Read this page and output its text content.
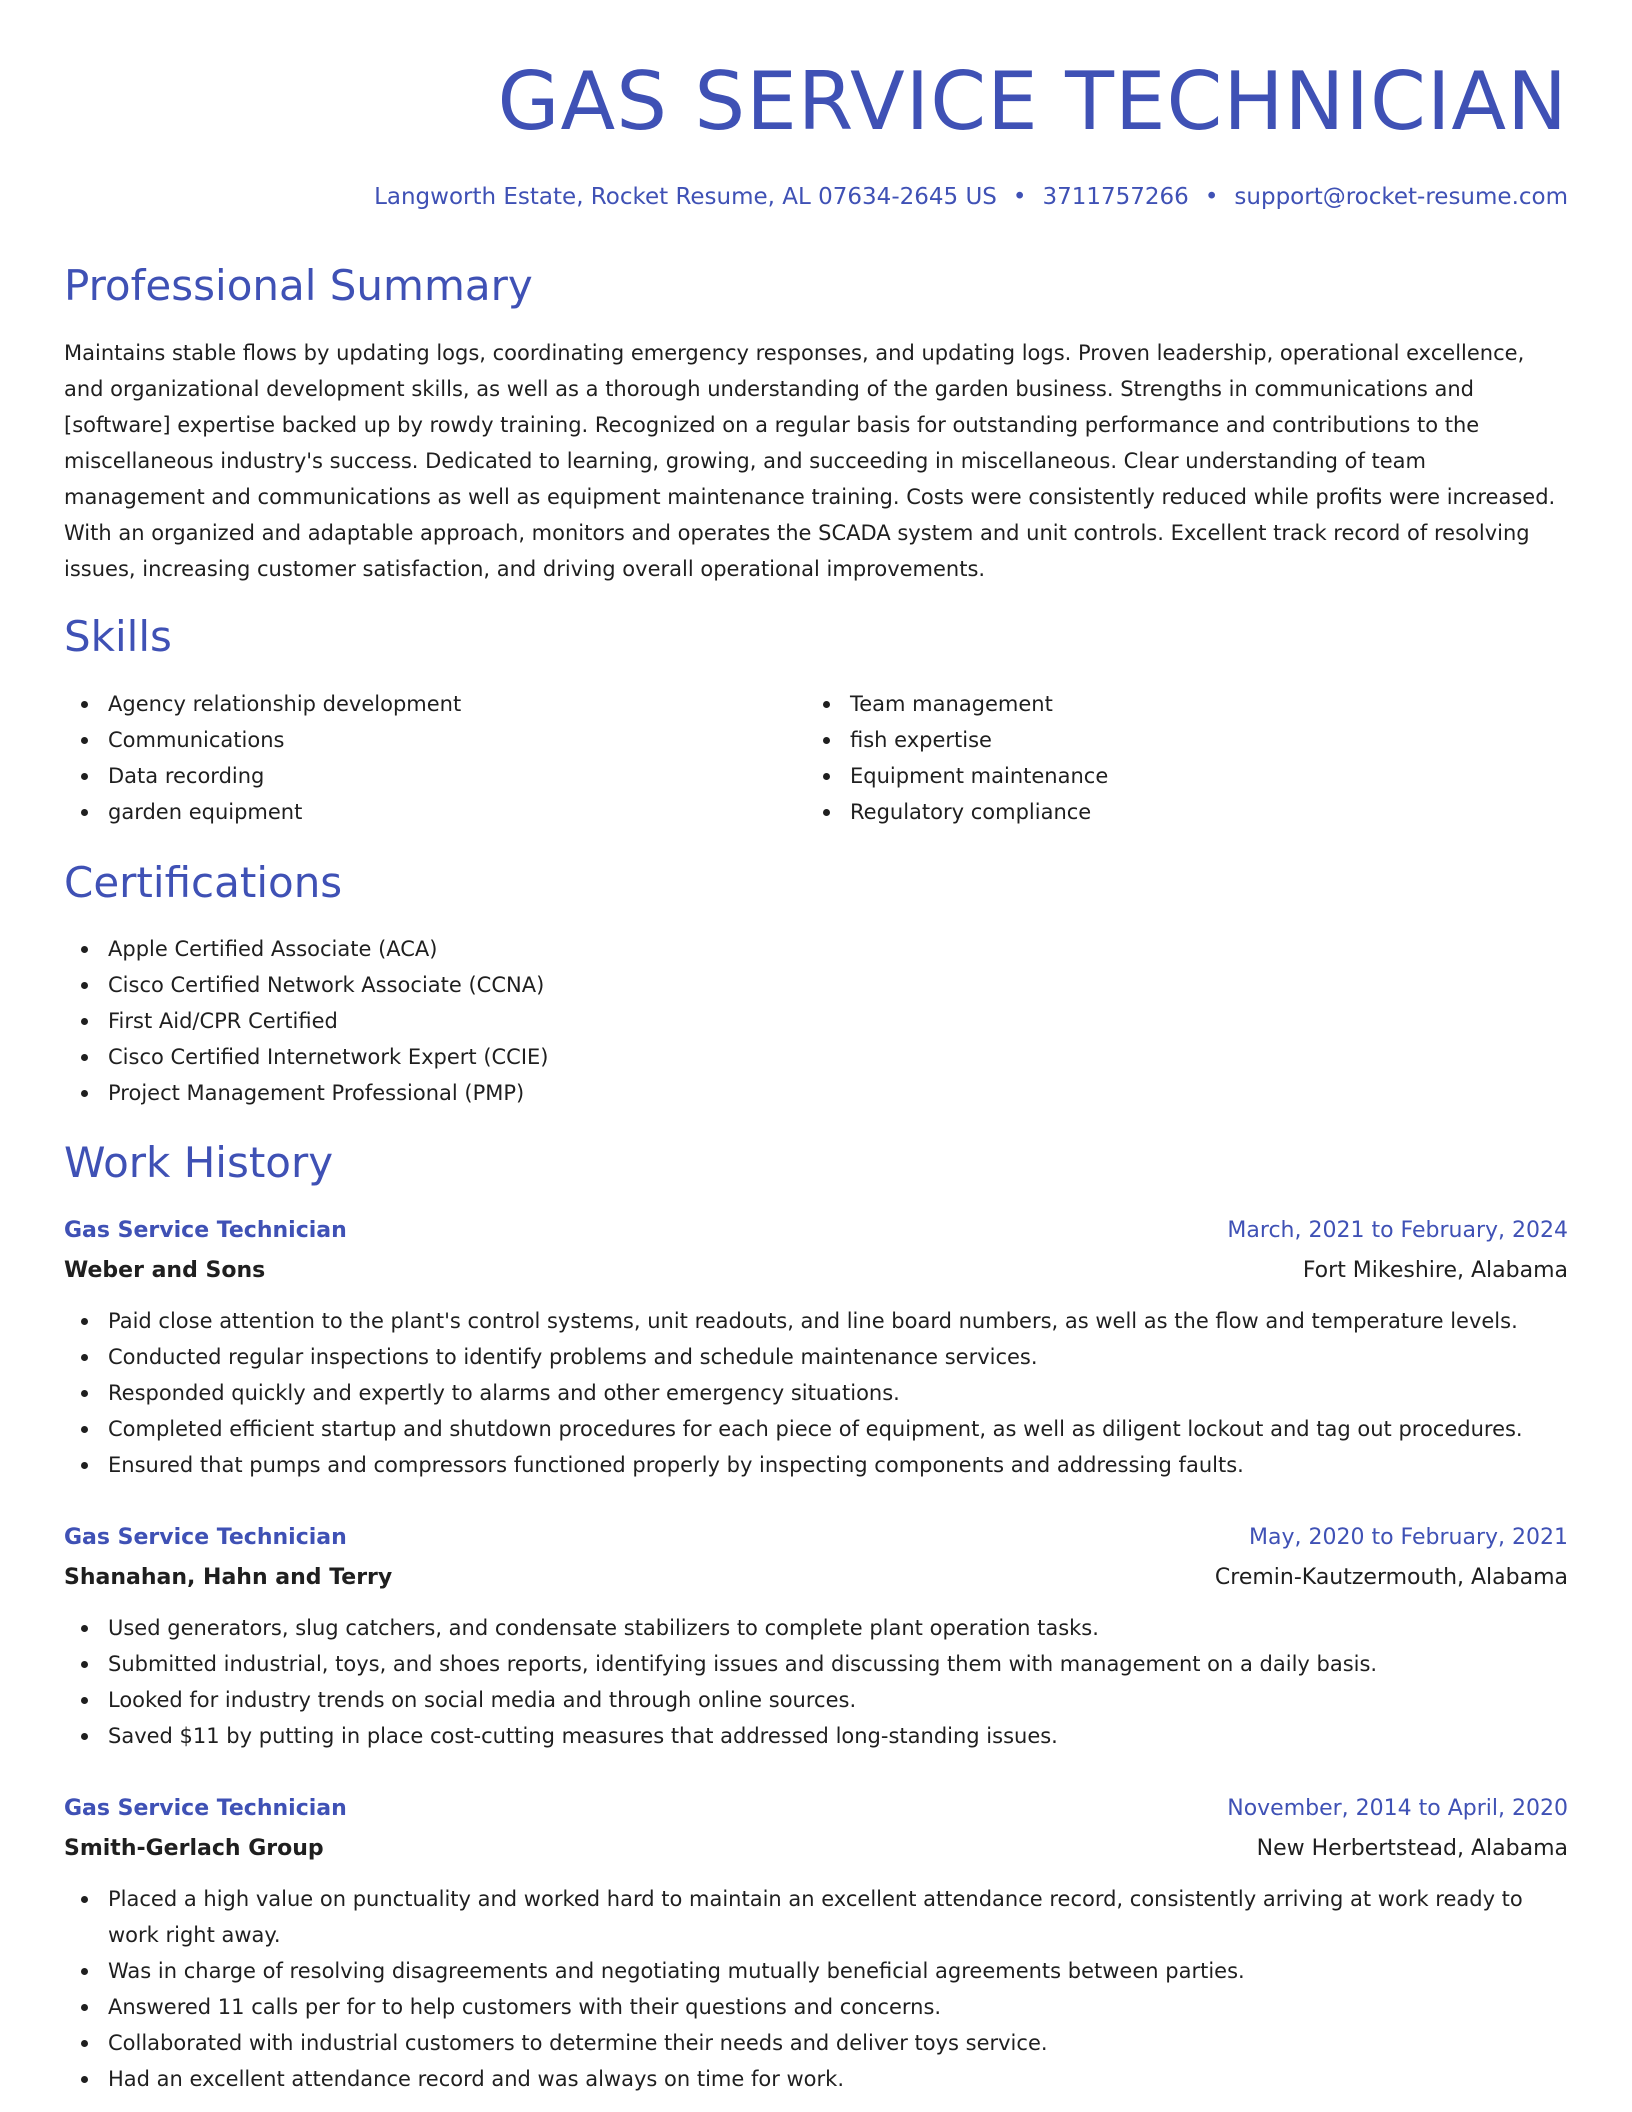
GAS SERVICE TECHNICIAN
Langworth Estate, Rocket Resume, AL 07634-2645 US • 3711757266 • support@rocket-resume.com
Professional Summary

Maintains stable flows by updating logs, coordinating emergency responses, and updating logs. Proven leadership, operational excellence, and organizational development skills, as well as a thorough understanding of the garden business. Strengths in communications and [software] expertise backed up by rowdy training. Recognized on a regular basis for outstanding performance and contributions to the miscellaneous industry's success. Dedicated to learning, growing, and succeeding in miscellaneous. Clear understanding of team management and communications as well as equipment maintenance training. Costs were consistently reduced while profits were increased. With an organized and adaptable approach, monitors and operates the SCADA system and unit controls. Excellent track record of resolving issues, increasing customer satisfaction, and driving overall operational improvements.

Skills
Agency relationship development
Communications
Data recording
garden equipment
Team management
fish expertise
Equipment maintenance
Regulatory compliance
Certifications
Apple Certified Associate (ACA)
Cisco Certified Network Associate (CCNA)
First Aid/CPR Certified
Cisco Certified Internetwork Expert (CCIE)
Project Management Professional (PMP)
Work History
Gas Service Technician	March, 2021 to February, 2024
Weber and Sons	Fort Mikeshire, Alabama
Paid close attention to the plant's control systems, unit readouts, and line board numbers, as well as the flow and temperature levels.
Conducted regular inspections to identify problems and schedule maintenance services.
Responded quickly and expertly to alarms and other emergency situations.
Completed efficient startup and shutdown procedures for each piece of equipment, as well as diligent lockout and tag out procedures.
Ensured that pumps and compressors functioned properly by inspecting components and addressing faults.
Gas Service Technician	May, 2020 to February, 2021
Shanahan, Hahn and Terry	Cremin-Kautzermouth, Alabama
Used generators, slug catchers, and condensate stabilizers to complete plant operation tasks.
Submitted industrial, toys, and shoes reports, identifying issues and discussing them with management on a daily basis.
Looked for industry trends on social media and through online sources.
Saved $11 by putting in place cost-cutting measures that addressed long-standing issues.
Gas Service Technician	November, 2014 to April, 2020
Smith-Gerlach Group	New Herbertstead, Alabama
Placed a high value on punctuality and worked hard to maintain an excellent attendance record, consistently arriving at work ready to work right away.
Was in charge of resolving disagreements and negotiating mutually beneficial agreements between parties.
Answered 11 calls per for to help customers with their questions and concerns.
Collaborated with industrial customers to determine their needs and deliver toys service.
Had an excellent attendance record and was always on time for work.
